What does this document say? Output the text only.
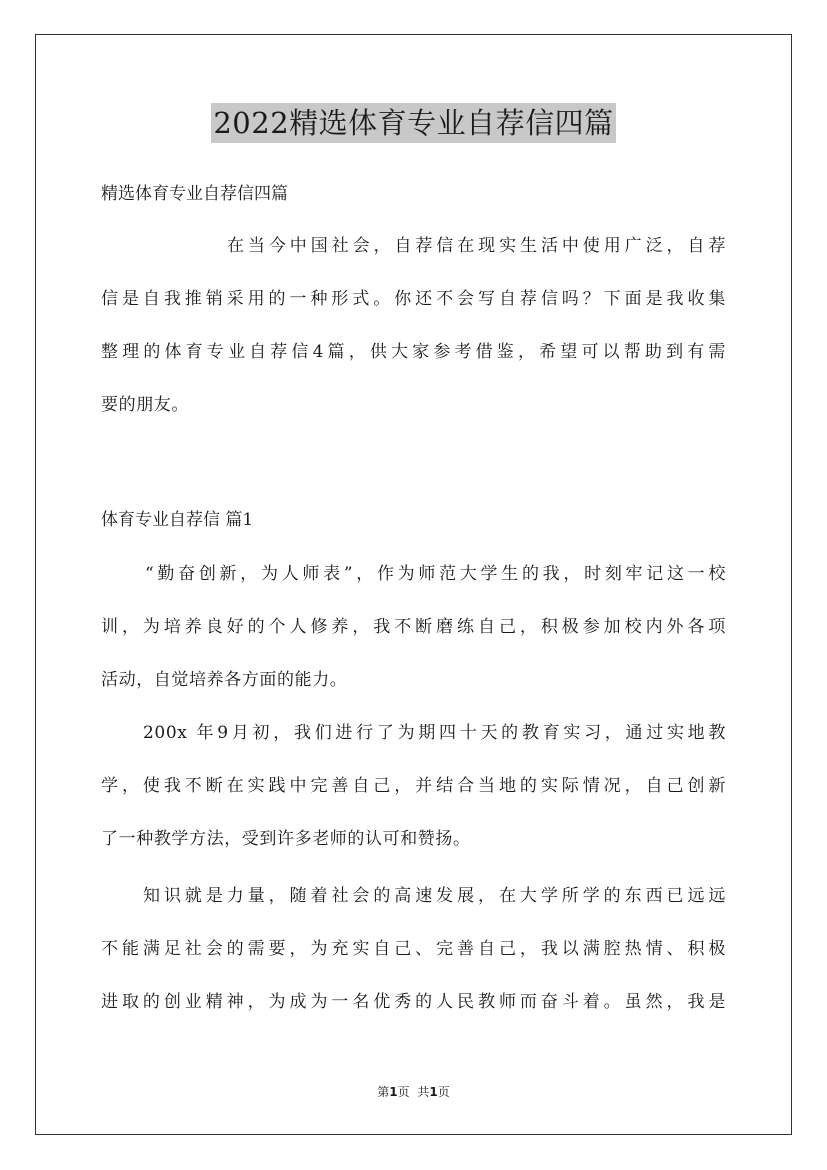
2022精选体育专业自荐信四篇
精选体育专业自荐信四篇
在当今中国社会，自荐信在现实生活中使用广泛，自荐
信是自我推销采用的一种形式。你还不会写自荐信吗？下面是我收集
整理的体育专业自荐信4篇，供大家参考借鉴，希望可以帮助到有需
要的朋友。
体育专业自荐信 篇1
“勤奋创新，为人师表”，作为师范大学生的我，时刻牢记这一校
训，为培养良好的个人修养，我不断磨练自己，积极参加校内外各项
活动，自觉培养各方面的能力。
200x 年9月初，我们进行了为期四十天的教育实习，通过实地教
学，使我不断在实践中完善自己，并结合当地的实际情况，自己创新
了一种教学方法，受到许多老师的认可和赞扬。
知识就是力量，随着社会的高速发展，在大学所学的东西已远远
不能满足社会的需要，为充实自己、完善自己，我以满腔热情、积极
进取的创业精神，为成为一名优秀的人民教师而奋斗着。虽然，我是
第1页 共1页
